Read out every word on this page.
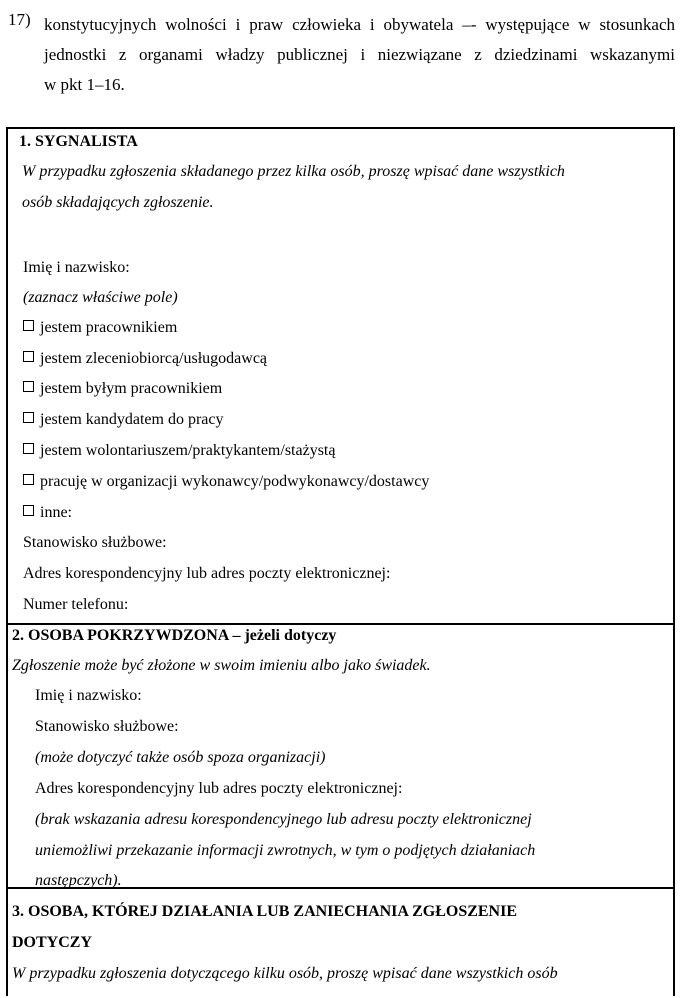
17) konstytucyjnych wolności i praw człowieka i obywatela –- występujące w stosunkach
jednostki z organami władzy publicznej i niezwiązane z dziedzinami wskazanymi
w pkt 1–16.
1. SYGNALISTA
W przypadku zgłoszenia składanego przez kilka osób, proszę wpisać dane wszystkich
osób składających zgłoszenie.
Imię i nazwisko:
(zaznacz właściwe pole)
jestem pracownikiem
jestem zleceniobiorcą/usługodawcą
jestem byłym pracownikiem
jestem kandydatem do pracy
jestem wolontariuszem/praktykantem/stażystą
pracuję w organizacji wykonawcy/podwykonawcy/dostawcy
inne:
Stanowisko służbowe:
Adres korespondencyjny lub adres poczty elektronicznej:
Numer telefonu:
2. OSOBA POKRZYWDZONA – jeżeli dotyczy
Zgłoszenie może być złożone w swoim imieniu albo jako świadek.
Imię i nazwisko:
Stanowisko służbowe:
(może dotyczyć także osób spoza organizacji)
Adres korespondencyjny lub adres poczty elektronicznej:
(brak wskazania adresu korespondencyjnego lub adresu poczty elektronicznej
uniemożliwi przekazanie informacji zwrotnych, w tym o podjętych działaniach
następczych).
3. OSOBA, KTÓREJ DZIAŁANIA LUB ZANIECHANIA ZGŁOSZENIE
DOTYCZY
W przypadku zgłoszenia dotyczącego kilku osób, proszę wpisać dane wszystkich osób
